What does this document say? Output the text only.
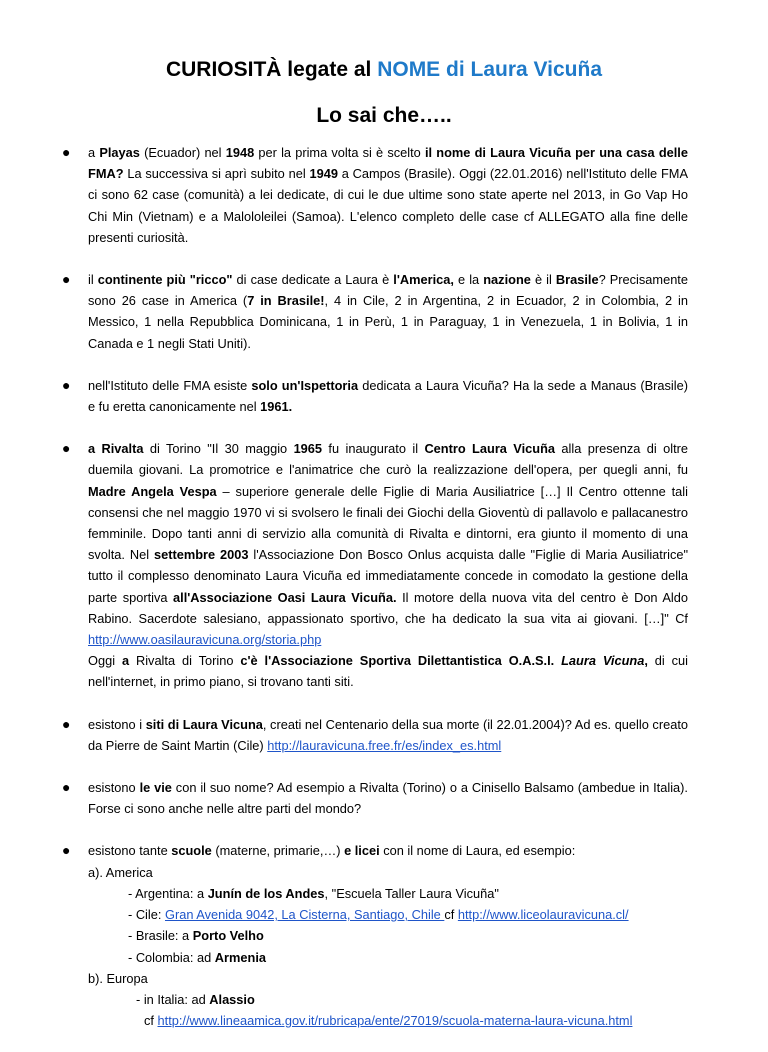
CURIOSITÀ legate al NOME di Laura Vicuña
Lo sai che…..
● a Playas (Ecuador) nel 1948 per la prima volta si è scelto il nome di Laura Vicuña per una casa delle FMA? La successiva si aprì subito nel 1949 a Campos (Brasile). Oggi (22.01.2016) nell'Istituto delle FMA ci sono 62 case (comunità) a lei dedicate, di cui le due ultime sono state aperte nel 2013, in Go Vap Ho Chi Min (Vietnam) e a Malololeilei (Samoa). L'elenco completo delle case cf ALLEGATO alla fine delle presenti curiosità.

● il continente più "ricco" di case dedicate a Laura è l'America, e la nazione è il Brasile? Precisamente sono 26 case in America (7 in Brasile!, 4 in Cile, 2 in Argentina, 2 in Ecuador, 2 in Colombia, 2 in Messico, 1 nella Repubblica Dominicana, 1 in Perù, 1 in Paraguay, 1 in Venezuela, 1 in Bolivia, 1 in Canada e 1 negli Stati Uniti).

● nell'Istituto delle FMA esiste solo un'Ispettoria dedicata a Laura Vicuña? Ha la sede a Manaus (Brasile) e fu eretta canonicamente nel 1961.

● a Rivalta di Torino "Il 30 maggio 1965 fu inaugurato il Centro Laura Vicuña alla presenza di oltre duemila giovani. La promotrice e l'animatrice che curò la realizzazione dell'opera, per quegli anni, fu Madre Angela Vespa – superiore generale delle Figlie di Maria Ausiliatrice […] Il Centro ottenne tali consensi che nel maggio 1970 vi si svolsero le finali dei Giochi della Gioventù di pallavolo e pallacanestro femminile. Dopo tanti anni di servizio alla comunità di Rivalta e dintorni, era giunto il momento di una svolta. Nel settembre 2003 l'Associazione Don Bosco Onlus acquista dalle "Figlie di Maria Ausiliatrice" tutto il complesso denominato Laura Vicuña ed immediatamente concede in comodato la gestione della parte sportiva all'Associazione Oasi Laura Vicuña. Il motore della nuova vita del centro è Don Aldo Rabino. Sacerdote salesiano, appassionato sportivo, che ha dedicato la sua vita ai giovani. […]" Cf http://www.oasilauravicuna.org/storia.php

Oggi a Rivalta di Torino c'è l'Associazione Sportiva Dilettantistica O.A.S.I. Laura Vicuna, di cui nell'internet, in primo piano, si trovano tanti siti.

● esistono i siti di Laura Vicuna, creati nel Centenario della sua morte (il 22.01.2004)? Ad es. quello creato da Pierre de Saint Martin (Cile) http://lauravicuna.free.fr/es/index_es.html

● esistono le vie con il suo nome? Ad esempio a Rivalta (Torino) o a Cinisello Balsamo (ambedue in Italia). Forse ci sono anche nelle altre parti del mondo?

● esistono tante scuole (materne, primarie,…) e licei con il nome di Laura, ed esempio:

a). America

- Argentina: a Junín de los Andes, "Escuela Taller Laura Vicuña"

- Cile: Gran Avenida 9042, La Cisterna, Santiago, Chile cf http://www.liceolauravicuna.cl/

- Brasile: a Porto Velho

- Colombia: ad Armenia

b). Europa

- in Italia: ad Alassio

cf http://www.lineaamica.gov.it/rubricapa/ente/27019/scuola-materna-laura-vicuna.html
